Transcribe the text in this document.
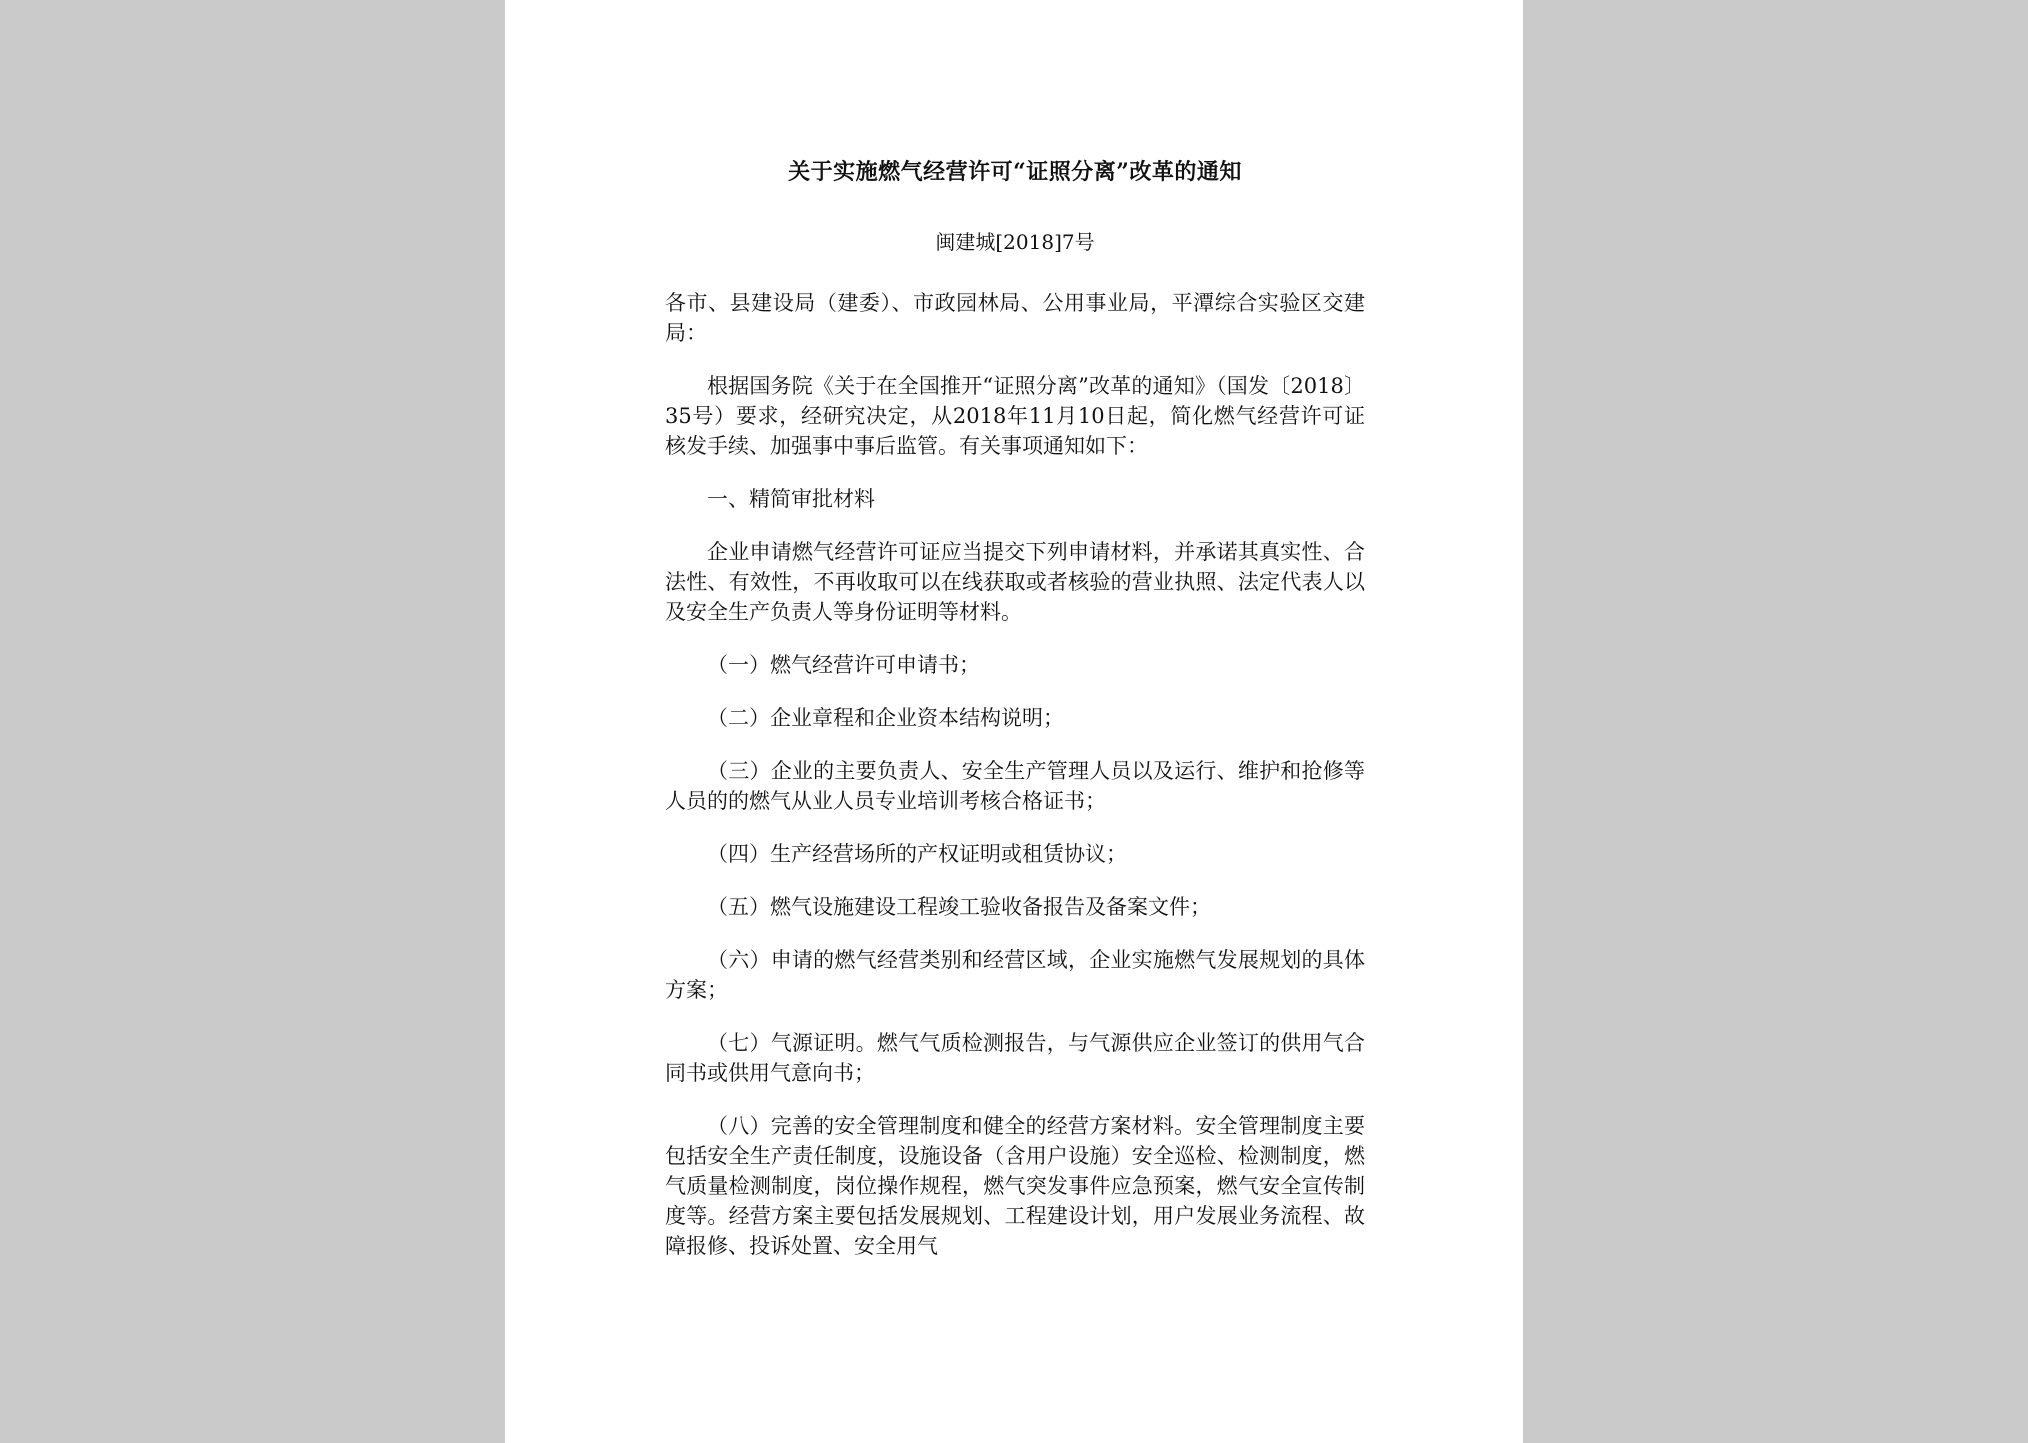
关于实施燃气经营许可“证照分离”改革的通知
闽建城[2018]7号

各市、县建设局（建委）、市政园林局、公用事业局，平潭综合实验区交建局：

根据国务院《关于在全国推开“证照分离”改革的通知》（国发〔2018〕35号）要求，经研究决定，从2018年11月10日起，简化燃气经营许可证核发手续、加强事中事后监管。有关事项通知如下：

一、精简审批材料

企业申请燃气经营许可证应当提交下列申请材料，并承诺其真实性、合法性、有效性，不再收取可以在线获取或者核验的营业执照、法定代表人以及安全生产负责人等身份证明等材料。

（一）燃气经营许可申请书；

（二）企业章程和企业资本结构说明；

（三）企业的主要负责人、安全生产管理人员以及运行、维护和抢修等人员的的燃气从业人员专业培训考核合格证书；

（四）生产经营场所的产权证明或租赁协议；

（五）燃气设施建设工程竣工验收备报告及备案文件；

（六）申请的燃气经营类别和经营区域，企业实施燃气发展规划的具体方案；

（七）气源证明。燃气气质检测报告，与气源供应企业签订的供用气合同书或供用气意向书；

（八）完善的安全管理制度和健全的经营方案材料。安全管理制度主要包括安全生产责任制度，设施设备（含用户设施）安全巡检、检测制度，燃气质量检测制度，岗位操作规程，燃气突发事件应急预案，燃气安全宣传制度等。经营方案主要包括发展规划、工程建设计划，用户发展业务流程、故障报修、投诉处置、安全用气
